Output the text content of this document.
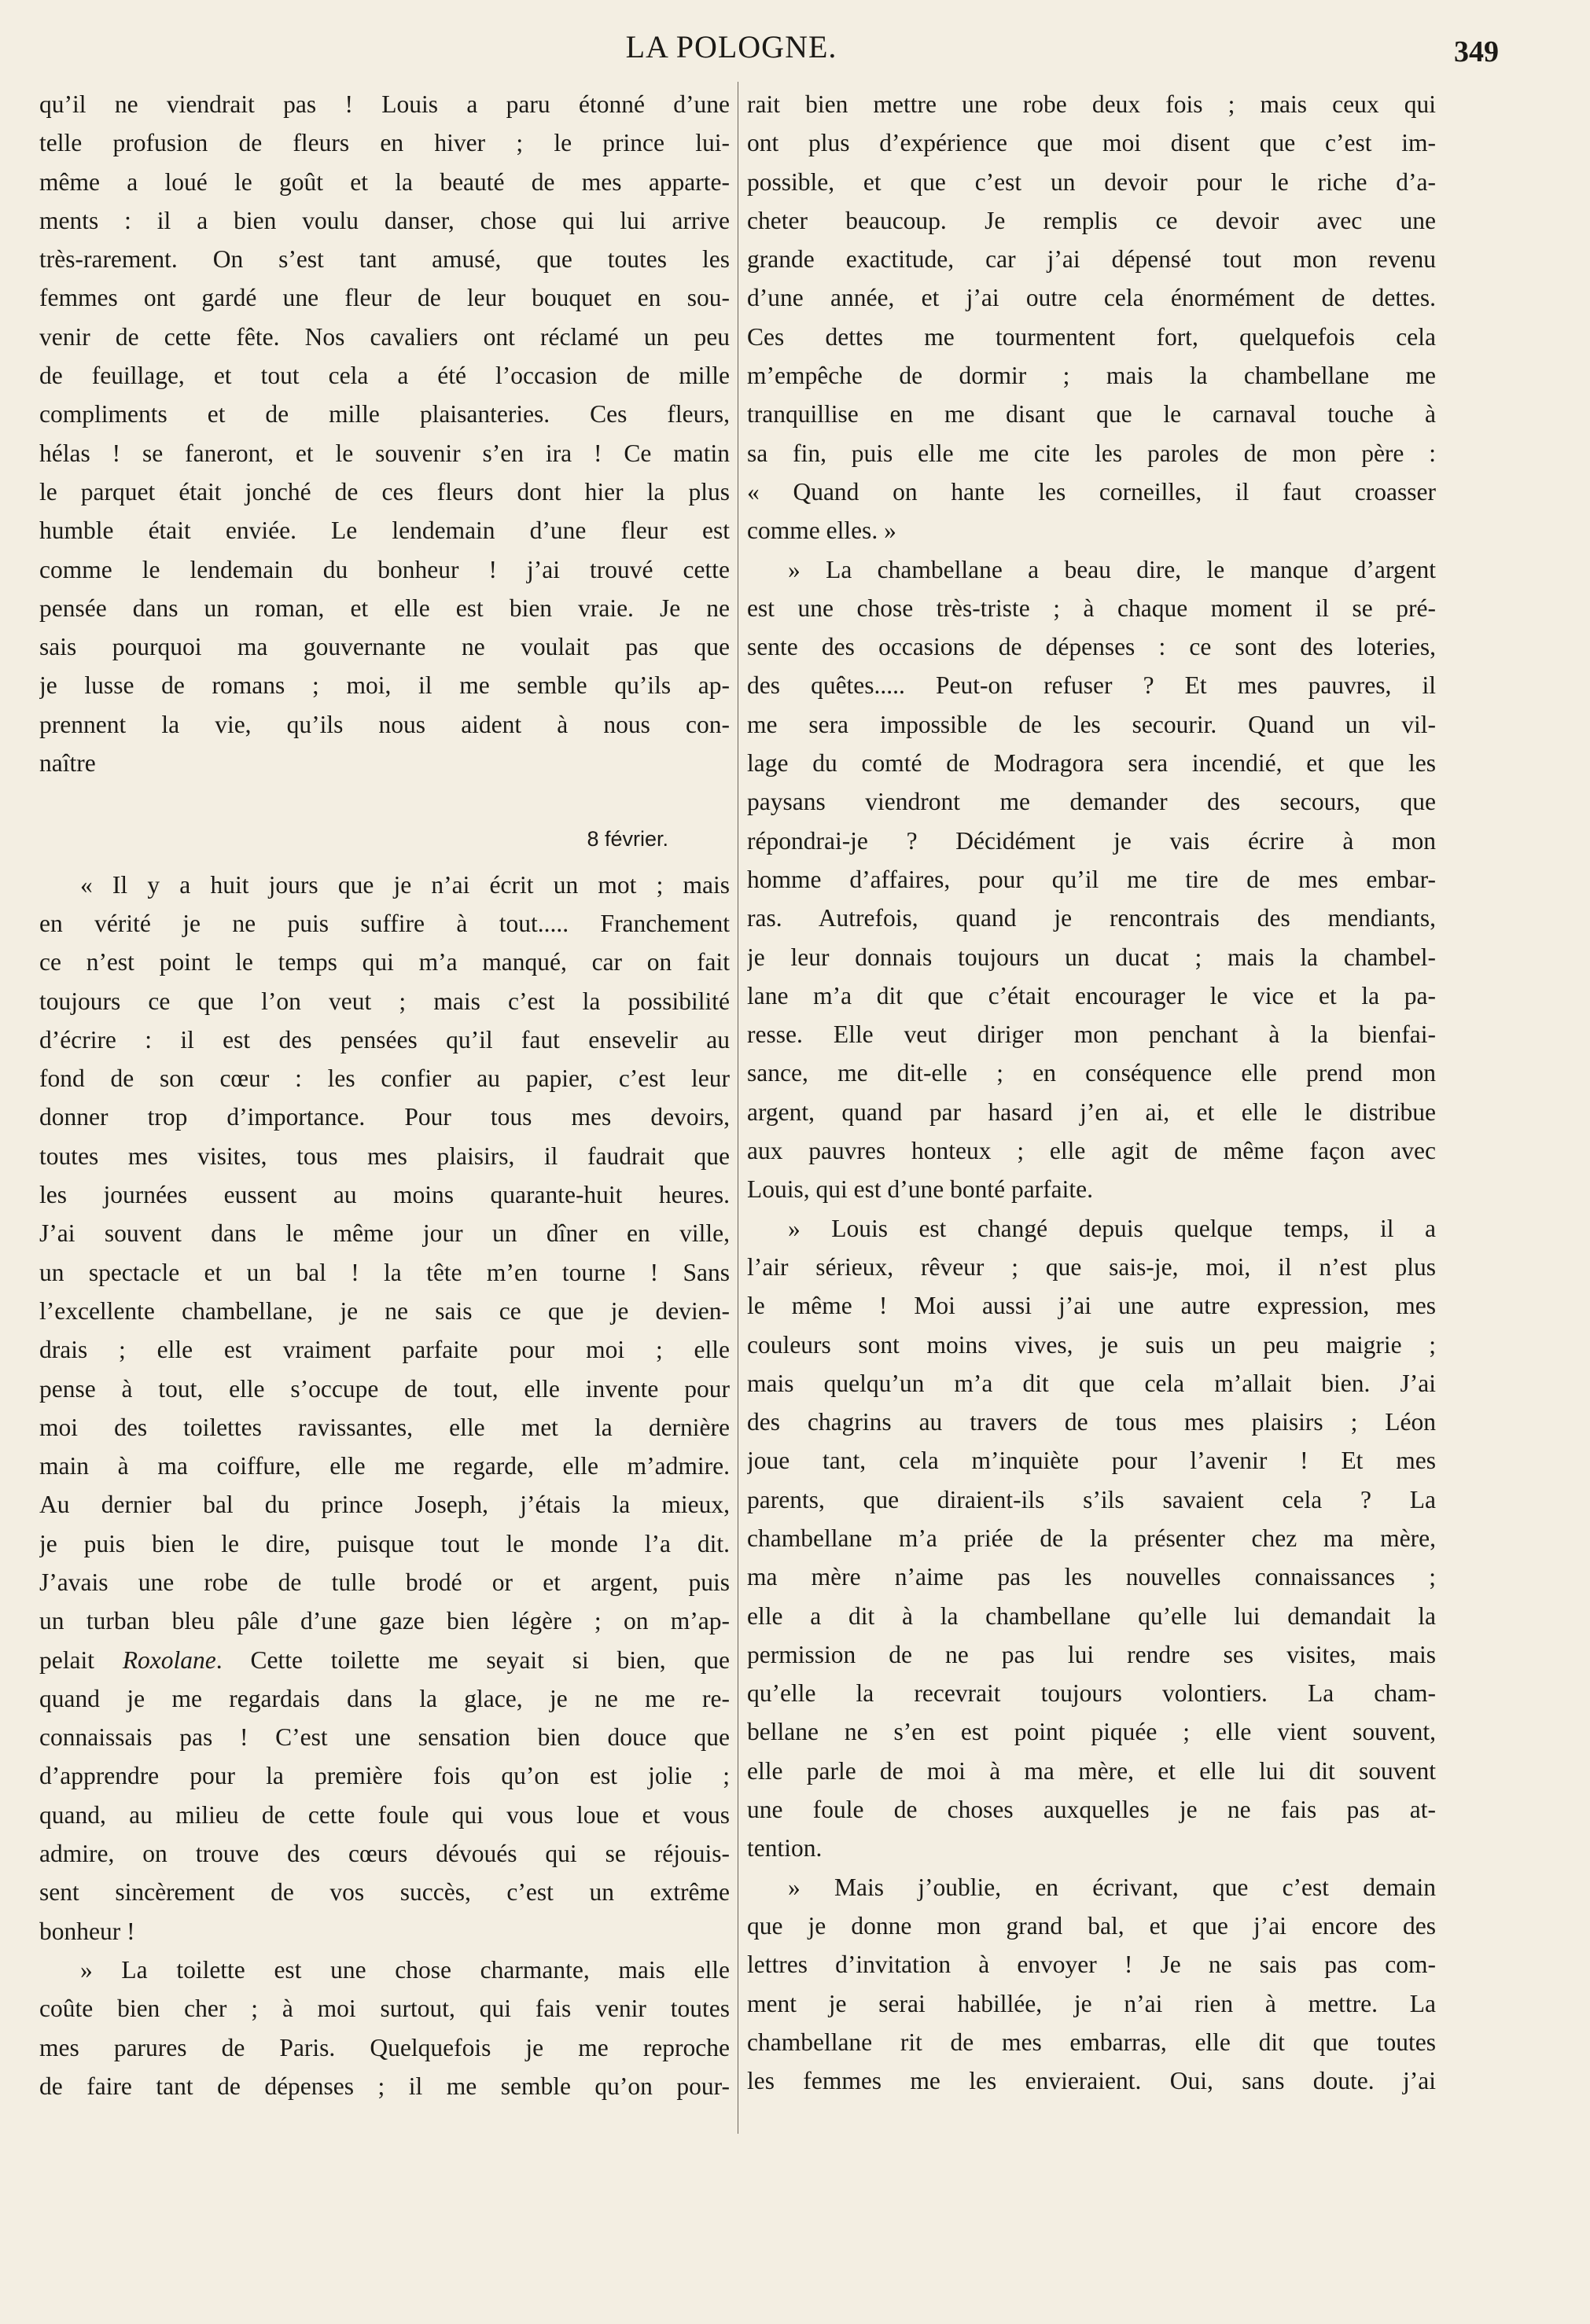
LA POLOGNE.	349
qu’il ne viendrait pas ! Louis a paru étonné d’une
telle profusion de fleurs en hiver ; le prince lui-
même a loué le goût et la beauté de mes apparte-
ments : il a bien voulu danser, chose qui lui arrive
très-rarement. On s’est tant amusé, que toutes les
femmes ont gardé une fleur de leur bouquet en sou-
venir de cette fête. Nos cavaliers ont réclamé un peu
de feuillage, et tout cela a été l’occasion de mille
compliments et de mille plaisanteries. Ces fleurs,
hélas ! se faneront, et le souvenir s’en ira ! Ce matin
le parquet était jonché de ces fleurs dont hier la plus
humble était enviée. Le lendemain d’une fleur est
comme le lendemain du bonheur ! j’ai trouvé cette
pensée dans un roman, et elle est bien vraie. Je ne
sais pourquoi ma gouvernante ne voulait pas que
je lusse de romans ; moi, il me semble qu’ils ap-
prennent la vie, qu’ils nous aident à nous con-
naître
8 février.
« Il y a huit jours que je n’ai écrit un mot ; mais
en vérité je ne puis suffire à tout..... Franchement
ce n’est point le temps qui m’a manqué, car on fait
toujours ce que l’on veut ; mais c’est la possibilité
d’écrire : il est des pensées qu’il faut ensevelir au
fond de son cœur : les confier au papier, c’est leur
donner trop d’importance. Pour tous mes devoirs,
toutes mes visites, tous mes plaisirs, il faudrait que
les journées eussent au moins quarante-huit heures.
J’ai souvent dans le même jour un dîner en ville,
un spectacle et un bal ! la tête m’en tourne ! Sans
l’excellente chambellane, je ne sais ce que je devien-
drais ; elle est vraiment parfaite pour moi ; elle
pense à tout, elle s’occupe de tout, elle invente pour
moi des toilettes ravissantes, elle met la dernière
main à ma coiffure, elle me regarde, elle m’admire.
Au dernier bal du prince Joseph, j’étais la mieux,
je puis bien le dire, puisque tout le monde l’a dit.
J’avais une robe de tulle brodé or et argent, puis
un turban bleu pâle d’une gaze bien légère ; on m’ap-
pelait Roxolane. Cette toilette me seyait si bien, que
quand je me regardais dans la glace, je ne me re-
connaissais pas ! C’est une sensation bien douce que
d’apprendre pour la première fois qu’on est jolie ;
quand, au milieu de cette foule qui vous loue et vous
admire, on trouve des cœurs dévoués qui se réjouis-
sent sincèrement de vos succès, c’est un extrême
bonheur !
» La toilette est une chose charmante, mais elle
coûte bien cher ; à moi surtout, qui fais venir toutes
mes parures de Paris. Quelquefois je me reproche
de faire tant de dépenses ; il me semble qu’on pour-
rait bien mettre une robe deux fois ; mais ceux qui
ont plus d’expérience que moi disent que c’est im-
possible, et que c’est un devoir pour le riche d’a-
cheter beaucoup. Je remplis ce devoir avec une
grande exactitude, car j’ai dépensé tout mon revenu
d’une année, et j’ai outre cela énormément de dettes.
Ces dettes me tourmentent fort, quelquefois cela
m’empêche de dormir ; mais la chambellane me
tranquillise en me disant que le carnaval touche à
sa fin, puis elle me cite les paroles de mon père :
« Quand on hante les corneilles, il faut croasser
comme elles. »
» La chambellane a beau dire, le manque d’argent
est une chose très-triste ; à chaque moment il se pré-
sente des occasions de dépenses : ce sont des loteries,
des quêtes..... Peut-on refuser ? Et mes pauvres, il
me sera impossible de les secourir. Quand un vil-
lage du comté de Modragora sera incendié, et que les
paysans viendront me demander des secours, que
répondrai-je ? Décidément je vais écrire à mon
homme d’affaires, pour qu’il me tire de mes embar-
ras. Autrefois, quand je rencontrais des mendiants,
je leur donnais toujours un ducat ; mais la chambel-
lane m’a dit que c’était encourager le vice et la pa-
resse. Elle veut diriger mon penchant à la bienfai-
sance, me dit-elle ; en conséquence elle prend mon
argent, quand par hasard j’en ai, et elle le distribue
aux pauvres honteux ; elle agit de même façon avec
Louis, qui est d’une bonté parfaite.
» Louis est changé depuis quelque temps, il a
l’air sérieux, rêveur ; que sais-je, moi, il n’est plus
le même ! Moi aussi j’ai une autre expression, mes
couleurs sont moins vives, je suis un peu maigrie ;
mais quelqu’un m’a dit que cela m’allait bien. J’ai
des chagrins au travers de tous mes plaisirs ; Léon
joue tant, cela m’inquiète pour l’avenir ! Et mes
parents, que diraient-ils s’ils savaient cela ? La
chambellane m’a priée de la présenter chez ma mère,
ma mère n’aime pas les nouvelles connaissances ;
elle a dit à la chambellane qu’elle lui demandait la
permission de ne pas lui rendre ses visites, mais
qu’elle la recevrait toujours volontiers. La cham-
bellane ne s’en est point piquée ; elle vient souvent,
elle parle de moi à ma mère, et elle lui dit souvent
une foule de choses auxquelles je ne fais pas at-
tention.
» Mais j’oublie, en écrivant, que c’est demain
que je donne mon grand bal, et que j’ai encore des
lettres d’invitation à envoyer ! Je ne sais pas com-
ment je serai habillée, je n’ai rien à mettre. La
chambellane rit de mes embarras, elle dit que toutes
les femmes me les envieraient. Oui, sans doute. j’ai
